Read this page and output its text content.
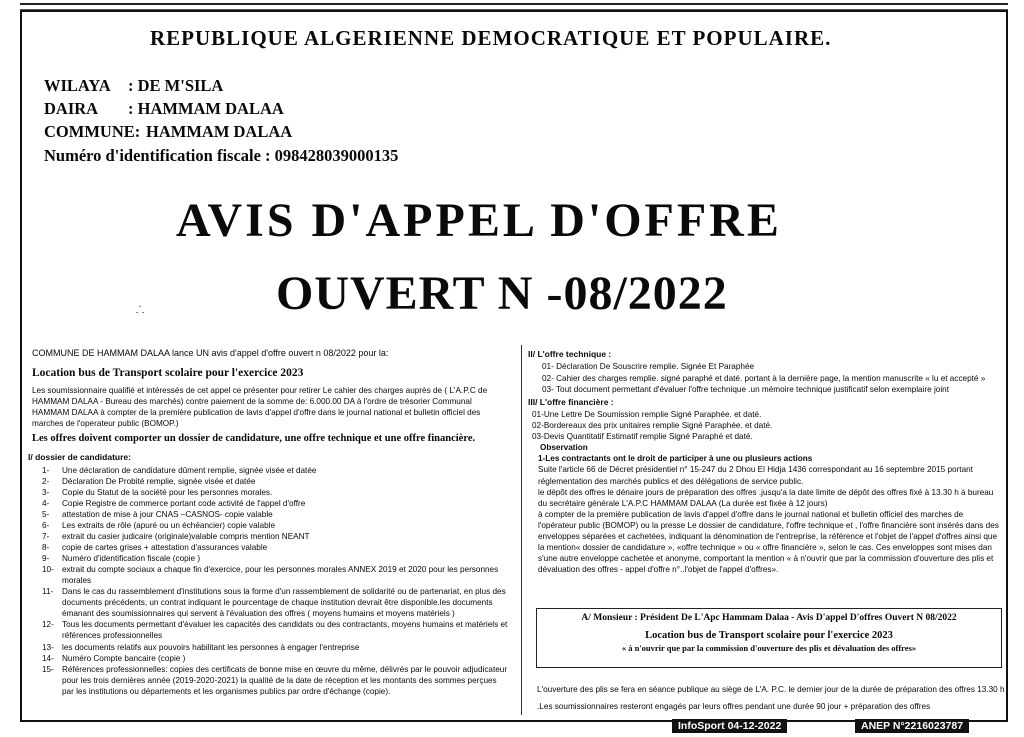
REPUBLIQUE ALGERIENNE DEMOCRATIQUE ET POPULAIRE.
WILAYA : DE M'SILA
DAIRA : HAMMAM DALAA
COMMUNE: HAMMAM DALAA
Numéro d'identification fiscale : 098428039000135
AVIS D'APPEL D'OFFRE
OUVERT N -08/2022
⸫
COMMUNE DE HAMMAM DALAA lance UN avis d'appel d'offre ouvert n 08/2022 pour la:
Location bus de Transport scolaire pour l'exercice 2023
Les soumissionnaire qualifié et intéressés de cet appel ce présenter pour retirer Le cahier des charges auprès de ( L'A.P.C de HAMMAM DALAA - Bureau des marchés) contre paiement de la somme de: 6.000.00 DA à l'ordre de trésorier Communal HAMMAM DALAA à compter de la première publication de lavis d'appel d'offre dans le journal national et bulletin officiel des marches de l'operateur public (BOMOP.)
Les offres doivent comporter un dossier de candidature, une offre technique et une offre financière.
I/ dossier de candidature:
1-	Une déclaration de candidature dûment remplie, signée visée et datée
2-	Déclaration De Probité remplie, signée visée et datée
3-	Copie du Statut de la société pour les personnes morales.
4-	Copie Registre de commerce portant code activité de l'appel d'offre
5-	attestation de mise à jour CNAS –CASNOS- copie valable
6-	Les extraits de rôle (apuré ou un échéancier) copie valable
7-	extrait du casier judicaire (originale)valable compris mention NEANT
8-	copie de cartes grises + attestation d'assurances valable
9-	Numéro d'identification fiscale (copie )
10- extrait du compte sociaux a chaque fin d'exercice, pour les personnes morales ANNEX 2019 et 2020 pour les personnes morales
11-	Dans le cas du rassemblement d'institutions sous la forme d'un rassemblement de solidarité ou de partenariat, en plus des documents précédents, un contrat indiquant le pourcentage de chaque institution devrait être disponible.les documents émanant des soumissionnaires qui servent à l'évaluation des offres ( moyens humains et moyens matériels )
12- Tous les documents permettant d'évaluer les capacités des candidats ou des contractants, moyens humains et matériels et références professionnelles
13- les documents relatifs aux pouvoirs habilitant les personnes à engager l'entreprise
14- Numéro Compte bancaire (copie )
15- Références professionnelles: copies des certificats de bonne mise en œuvre du même, délivrés par le pouvoir adjudicateur pour les trois dernières année (2019-2020-2021) la qualité de la date de réception et les montants des sommes perçues par les institutions ou départements et les organismes publics par ordre d'échange (copie).
II/ L'offre technique :
01- Déclaration De Souscrire remplie. Signée Et Paraphée
02- Cahier des charges remplie. signé paraphé et daté. portant à la dernière page, la mention manuscrite « lu et accepté »
03- Tout document permettant d'évaluer l'offre technique .un mémoire technique justificatif selon exemplaire joint
III/ L'offre financière :
01-Une Lettre De Soumission remplie Signé Paraphée. et daté.
02-Bordereaux des prix unitaires remplie Signé Paraphée. et daté.
03-Devis Quantitatif Estimatif remplie Signé Paraphé et daté.
Observation
1-Les contractants ont le droit de participer à une ou plusieurs actions
Suite l'article 66 de Décret présidentiel n° 15-247 du 2 Dhou El Hidja 1436 correspondant au 16 septembre 2015 portant réglementation des marchés publics et des délégations de service public.
le dépôt des offres le dénaire jours de préparation des offres .jusqu'a la date limite de dépôt des offres fixé à 13.30 h à bureau du secrétaire générale L'A.P.C HAMMAM DALAA (La durée est fixée à 12 jours)
à compter de la première publication de lavis d'appel d'offre dans le journal national et bulletin officiel des marches de l'opérateur public (BOMOP) ou la presse Le dossier de candidature, l'offre technique et , l'offre financière sont insérés dans des enveloppes séparées et cachetées, indiquant la dénomination de l'entreprise, la référence et l'objet de l'appel d'offres ainsi que la mention« dossier de candidature », «offre technique » ou « offre financière », selon le cas. Ces enveloppes sont mises dan s'une autre enveloppe cachetée et anonyme, comportant la mention « à n'ouvrir que par la commission d'ouverture des plis et dévaluation des offres - appel d'offre n°..l'objet de l'appel d'offres».
A/ Monsieur : Président De L'Apc Hammam Dalaa - Avis D'appel D'offres Ouvert N 08/2022
Location bus de Transport scolaire pour l'exercice 2023
« à n'ouvrir que par la commission d'ouverture des plis et dévaluation des offres»
L'ouverture des plis se fera en séance publique au siège de L'A. P.C. le dernier jour de la durée de préparation des offres 13.30 h
.Les soumissionnaires resteront engagés par leurs offres pendant une durée 90 jour + préparation des offres
InfoSport 04-12-2022	ANEP N°2216023787
